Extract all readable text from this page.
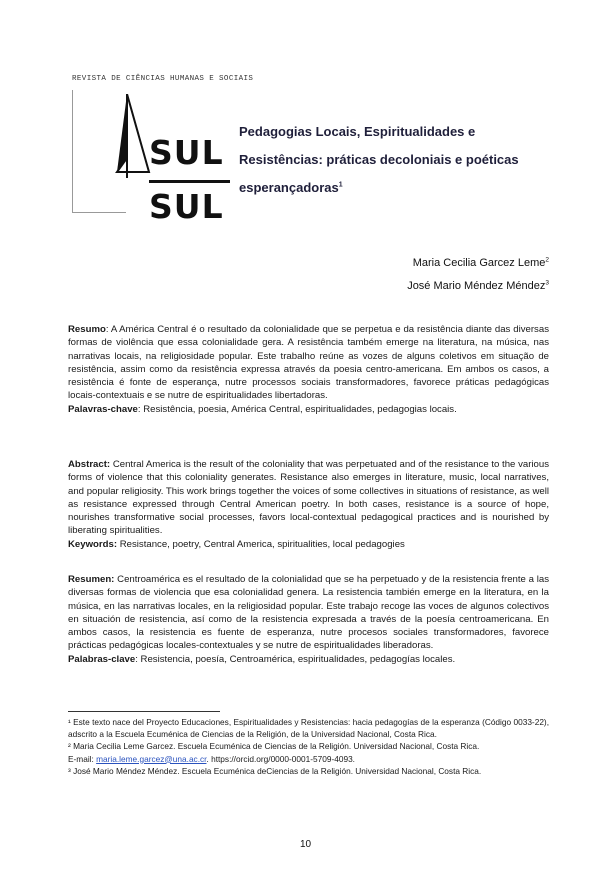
REVISTA DE CIÊNCIAS HUMANAS E SOCIAIS
SUL
SUL
Pedagogias Locais, Espiritualidades e Resistências: práticas decoloniais e poéticas esperançadoras$^1$
Maria Cecilia Garcez Leme$^2$
José Mario Méndez Méndez$^3$

Resumo: A América Central é o resultado da colonialidade que se perpetua e da resistência diante das diversas formas de violência que essa colonialidade gera. A resistência também emerge na literatura, na música, nas narrativas locais, na religiosidade popular. Este trabalho reúne as vozes de alguns coletivos em situação de resistência, assim como da resistência expressa através da poesia centro-americana. Em ambos os casos, a resistência é fonte de esperança, nutre processos sociais transformadores, favorece práticas pedagógicas locais-contextuais e se nutre de espiritualidades libertadoras.

Palavras-chave: Resistência, poesia, América Central, espiritualidades, pedagogias locais.

Abstract: Central America is the result of the coloniality that was perpetuated and of the resistance to the various forms of violence that this coloniality generates. Resistance also emerges in literature, music, local narratives, and popular religiosity. This work brings together the voices of some collectives in situations of resistance, as well as resistance expressed through Central American poetry. In both cases, resistance is a source of hope, nourishes transformative social processes, favors local-contextual pedagogical practices and is nourished by liberating spiritualities.

Keywords: Resistance, poetry, Central America, spiritualities, local pedagogies

Resumen: Centroamérica es el resultado de la colonialidad que se ha perpetuado y de la resistencia frente a las diversas formas de violencia que esa colonialidad genera. La resistencia también emerge en la literatura, en la música, en las narrativas locales, en la religiosidad popular. Este trabajo recoge las voces de algunos colectivos en situación de resistencia, así como de la resistencia expresada a través de la poesía centroamericana. En ambos casos, la resistencia es fuente de esperanza, nutre procesos sociales transformadores, favorece prácticas pedagógicas locales-contextuales y se nutre de espiritualidades liberadoras.

Palabras-clave: Resistencia, poesía, Centroamérica, espiritualidades, pedagogías locales.

¹ Este texto nace del Proyecto Educaciones, Espiritualidades y Resistencias: hacia pedagogías de la esperanza (Código 0033-22), adscrito a la Escuela Ecuménica de Ciencias de la Religión, de la Universidad Nacional, Costa Rica.

² Maria Cecilia Leme Garcez. Escuela Ecuménica de Ciencias de la Religión. Universidad Nacional, Costa Rica.

E-mail: maria.leme.garcez@una.ac.cr. https://orcid.org/0000-0001-5709-4093.

³ José Mario Méndez Méndez. Escuela Ecuménica deCiencias de la Religión. Universidad Nacional, Costa Rica.

10
